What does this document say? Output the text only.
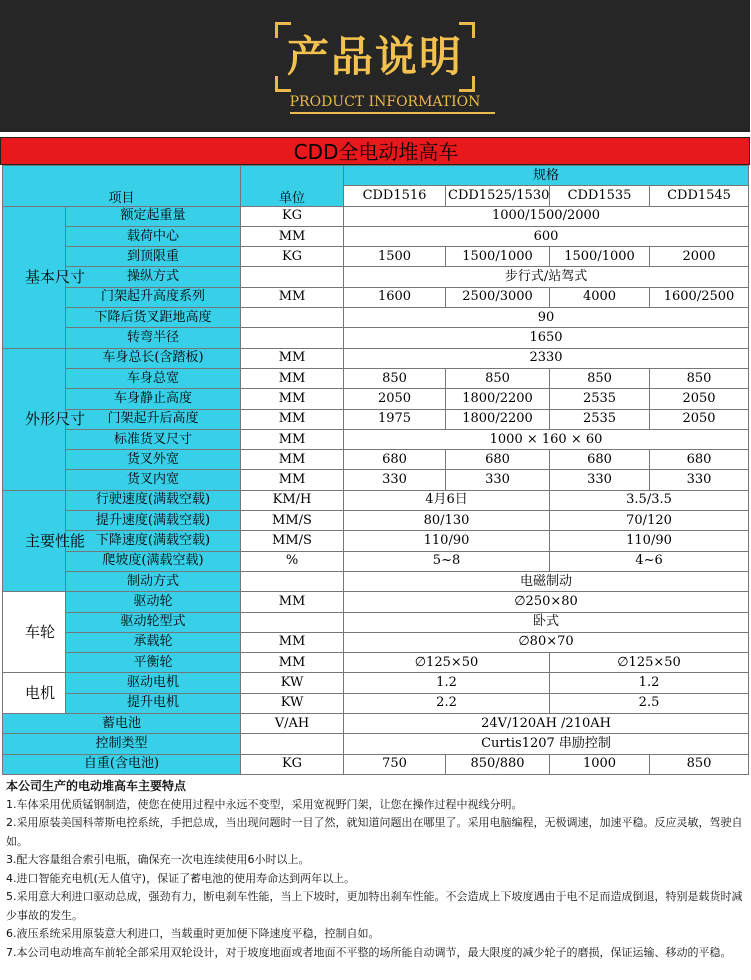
产品说明
PRODUCT INFORMATION
CDD全电动堆高车
项目		单位	规格			
			CDD1516	CDD1525/1530	CDD1535	CDD1545
基本尺寸	额定起重量	KG	1000/1500/2000			
	载荷中心	MM	600			
	到顶限重	KG	1500	1500/1000	1500/1000	2000
	操纵方式		步行式/站驾式			
	门架起升高度系列	MM	1600	2500/3000	4000	1600/2500
	下降后货叉距地高度		90			
	转弯半径		1650			
外形尺寸	车身总长(含踏板)	MM	2330			
	车身总宽	MM	850	850	850	850
	车身静止高度	MM	2050	1800/2200	2535	2050
	门架起升后高度	MM	1975	1800/2200	2535	2050
	标准货叉尺寸	MM	1000 × 160 × 60			
	货叉外宽	MM	680	680	680	680
	货叉内宽	MM	330	330	330	330
主要性能	行驶速度(满载空载)	KM/H	4月6日		3.5/3.5	
	提升速度(满载空载)	MM/S	80/130		70/120	
	下降速度(满载空载)	MM/S	110/90		110/90	
	爬坡度(满载空载)	%	5~8		4~6	
	制动方式		电磁制动			
车轮	驱动轮	MM	∅250×80			
	驱动轮型式		卧式			
	承载轮	MM	∅80×70			
	平衡轮	MM	∅125×50		∅125×50	
电机	驱动电机	KW	1.2		1.2	
	提升电机	KW	2.2		2.5	
蓄电池		V/AH	24V/120AH /210AH			
控制类型			Curtis1207 串励控制			
自重(含电池)		KG	750	850/880	1000	850
本公司生产的电动堆高车主要特点
1.车体采用优质锰钢制造，使您在使用过程中永远不变型，采用宽视野门架，让您在操作过程中视线分明。
2.采用原装美国科蒂斯电控系统，手把总成，当出现问题时一目了然，就知道问题出在哪里了。采用电脑编程，无极调速，加速平稳。反应灵敏，驾驶自如。
3.配大容量组合索引电瓶，确保充一次电连续使用6小时以上。
4.进口智能充电机(无人值守)，保证了蓄电池的使用寿命达到两年以上。
5.采用意大利进口驱动总成，强劲有力，断电刹车性能，当上下坡时，更加特出刹车性能。不会造成上下坡度遇由于电不足而造成倒退，特别是载货时减少事故的发生。
6.液压系统采用原装意大利进口，当载重时更加便下降速度平稳，控制自如。
7.本公司电动堆高车前轮全部采用双轮设计，对于坡度地面或者地面不平整的场所能自动调节，最大限度的减少轮子的磨损，保证运输、移动的平稳。
